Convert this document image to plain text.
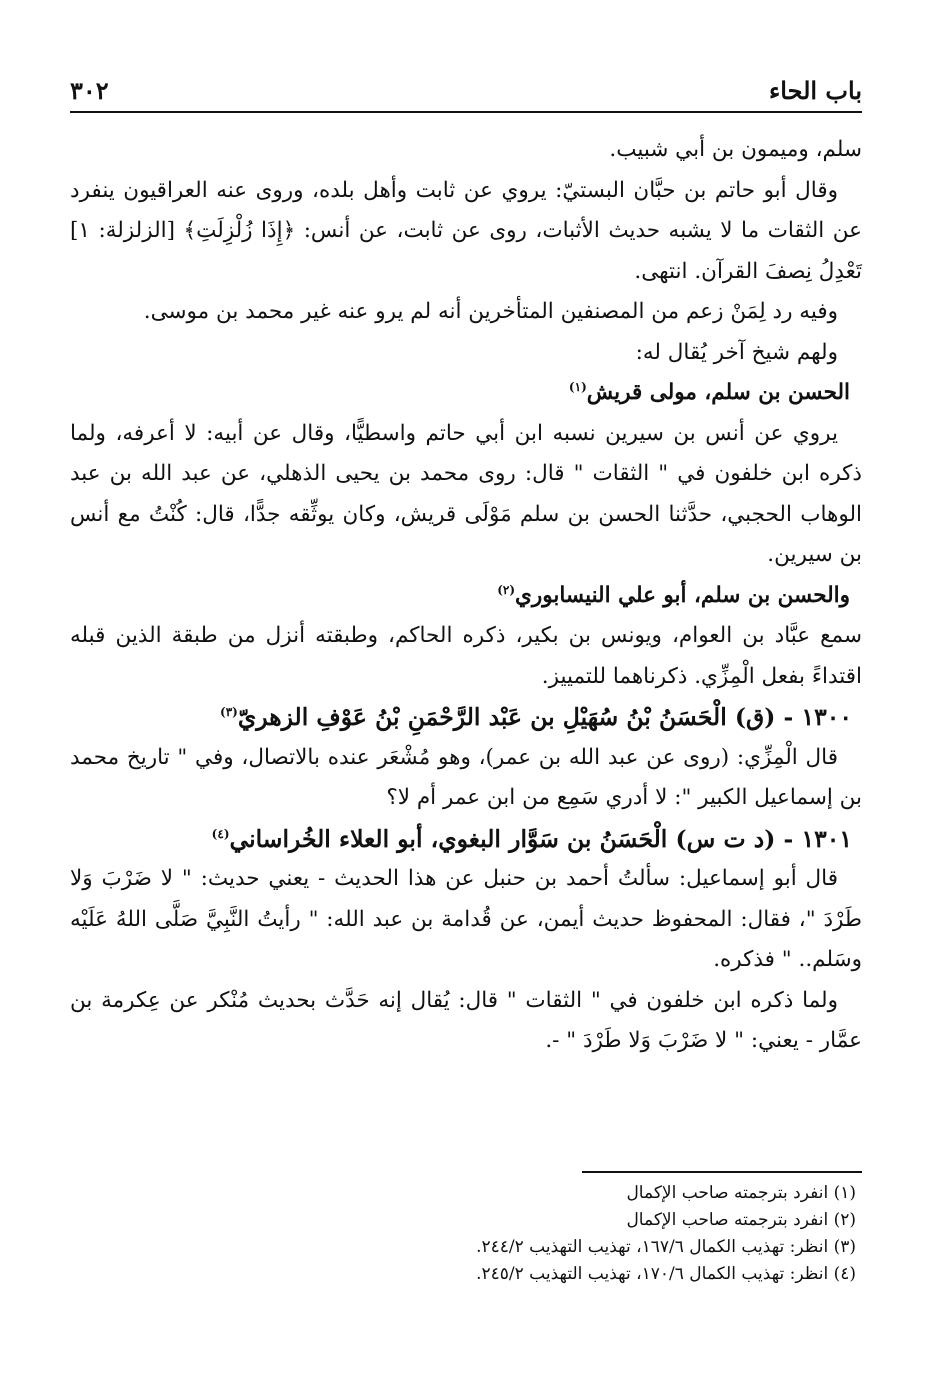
باب الحاء
٣٠٢

سلم، وميمون بن أبي شبيب.

وقال أبو حاتم بن حبَّان البستيّ: يروي عن ثابت وأهل بلده، وروى عنه العراقيون ينفرد عن الثقات ما لا يشبه حديث الأثبات، روى عن ثابت، عن أنس: ﴿إِذَا زُلْزِلَتِ﴾ [الزلزلة: ١] تَعْدِلُ نِصفَ القرآن. انتهى.

وفيه رد لِمَنْ زعم من المصنفين المتأخرين أنه لم يرو عنه غير محمد بن موسى.

ولهم شيخ آخر يُقال له:

الحسن بن سلم، مولى قريش$^{(١)}$

يروي عن أنس بن سيرين نسبه ابن أبي حاتم واسطيًّا، وقال عن أبيه: لا أعرفه، ولما ذكره ابن خلفون في " الثقات " قال: روى محمد بن يحيى الذهلي، عن عبد الله بن عبد الوهاب الحجبي، حدَّثنا الحسن بن سلم مَوْلَى قريش، وكان يوثِّقه جدًّا، قال: كُنْتُ مع أنس بن سيرين.

والحسن بن سلم، أبو علي النيسابوري$^{(٢)}$

سمع عبَّاد بن العوام، ويونس بن بكير، ذكره الحاكم، وطبقته أنزل من طبقة الذين قبله اقتداءً بفعل الْمِزِّي. ذكرناهما للتمييز.

١٣٠٠ - (ق) الْحَسَنُ بْنُ سُهَيْلِ بن عَبْد الرَّحْمَنِ بْنُ عَوْفِ الزهريّ$^{(٣)}$

قال الْمِزِّي: (روى عن عبد الله بن عمر)، وهو مُشْعَر عنده بالاتصال، وفي " تاريخ محمد بن إسماعيل الكبير ": لا أدري سَمِع من ابن عمر أم لا؟

١٣٠١ - (د ت س) الْحَسَنُ بن سَوَّار البغوي، أبو العلاء الخُراساني$^{(٤)}$

قال أبو إسماعيل: سألتُ أحمد بن حنبل عن هذا الحديث - يعني حديث: " لا ضَرْبَ وَلا طَرْدَ "، فقال: المحفوظ حديث أيمن، عن قُدامة بن عبد الله: " رأيتُ النَّبِيَّ صَلَّى اللهُ عَلَيْه وسَلم.. " فذكره.

ولما ذكره ابن خلفون في " الثقات " قال: يُقال إنه حَدَّث بحديث مُنْكر عن عِكرمة بن عمَّار - يعني: " لا ضَرْبَ وَلا طَرْدَ " -.

(١) انفرد بترجمته صاحب الإكمال

(٢) انفرد بترجمته صاحب الإكمال

(٣) انظر: تهذيب الكمال ١٦٧/٦، تهذيب التهذيب ٢٤٤/٢.

(٤) انظر: تهذيب الكمال ١٧٠/٦، تهذيب التهذيب ٢٤٥/٢.
